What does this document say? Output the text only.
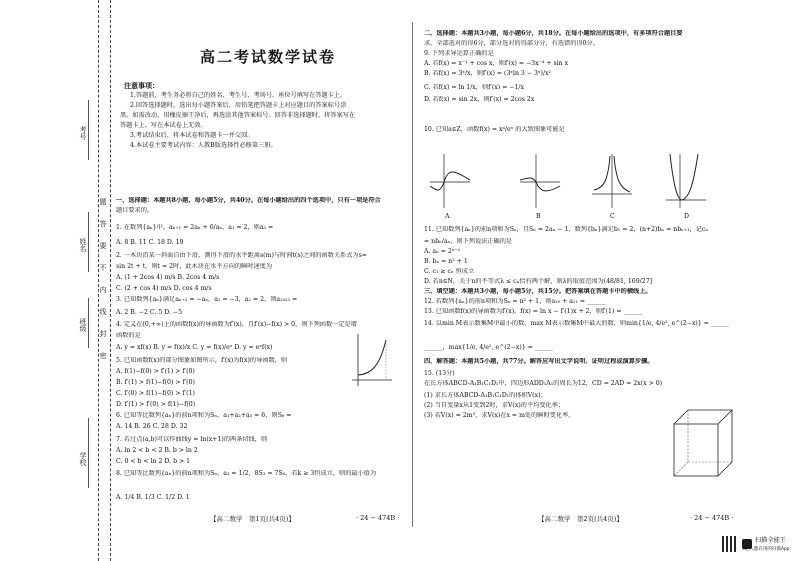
考号
姓名
班级
学校
题
答
要
不
内
线
封
密
高二考试数学试卷
注意事项：
1.答题前，考生务必将自己的姓名、考生号、考场号、座位号填写在答题卡上。
2.回答选择题时，选出每小题答案后，用铅笔把答题卡上对应题目的答案标号涂
黑。如需改动，用橡皮擦干净后，再选涂其他答案标号。回答非选择题时，将答案写在
答题卡上。写在本试卷上无效。
3.考试结束后，将本试卷和答题卡一并交回。
4.本试卷主要考试内容：人教B版选择性必修第三册。
一、选择题：本题共8小题，每小题5分，共40分。在每小题给出的四个选项中，只有一项是符合
题目要求的。
1. 在数列{aₙ}中，aₙ₊₁ = 2aₙ + 6/aₙ，a₁ = 2，则a₃ =
A. 8 B. 11 C. 18 D. 19
2. 一木块沿某一斜面自由下滑，测得下滑的水平距离s(m)与时间t(s)之间的函数关系式为s=
sin 2t + t，则t = 2时，此木块在水平方向的瞬时速度为
A. (1 + 2cos 4) m/s B. 2cos 4 m/s
C. (2 + cos 4) m/s D. cos 4 m/s
3. 已知数列{aₙ}满足aₙ₊₂ = −aₙ，a₁ = −3，a₂ = 2，则a₂₀₂₃ =
A. 2 B. −2 C. 5 D. −5
4. 定义在(0,+∞)上的函数f(x)的导函数为f′(x)，且f′(x)−f(x) > 0，则下列函数一定是增
函数的是
A. y = xf(x) B. y = f(x)/x C. y = f(x)/eˣ D. y = eˣf(x)
5. 已知函数f(x)的部分图象如图所示，f′(x)为f(x)的导函数，则
A. f(1)−f(0) > f′(1) > f′(0)
B. f′(1) > f(1)−f(0) > f′(0)
C. f′(0) > f(1)−f(0) > f′(1)
D. f′(1) > f′(0) > f(1)−f(0)
6. 已知等比数列{aₙ}的前n项和为Sₙ，a₁+a₂+a₃ = 6，则S₆ =
A. 14 B. 26 C. 28 D. 32
7. 若过点(a,b)可以作曲线y = ln(x+1)的两条切线，则
A. ln 2 < b < 2 B. b > ln 2
C. 0 < b < ln 2 D. b > 1
8. 已知等比数列{aₙ}的前n项和为Sₙ，a₃ = 1/2，8S₃ = 7S₆，若k ≥ 3恒成立，则的最小值为
A. 1/4 B. 1/3 C. 1/2 D. 1
二、选择题：本题共3小题，每小题6分，共18分。在每小题给出的选项中，有多项符合题目要
求。全部选对的得6分，部分选对的得部分分，有选错的得0分。
9. 下列求导运算正确的是
A. 若f(x) = x⁻¹ + cos x，则f′(x) = −3x⁻⁴ + sin x
B. 若f(x) = 3ˣ/x，则f′(x) = (3ˣln 3 − 3ˣ)/x²
C. 若f(x) = ln 1/x，则f′(x) = −1/x
D. 若f(x) = sin 2x，则f′(x) = 2cos 2x
10. 已知a∈Z，函数f(x) = xᵃ/eˣ 的大致图象可能是
11. 已知数列{aₙ}的前n项和为Sₙ，且Sₙ = 2aₙ − 1，数列{bₙ}满足b₁ = 2，(n+2)bₙ = nbₙ₊₁，记cₙ
= nbₙ/aₙ，则下列说法正确的是
A. aₙ = 2ⁿ⁻¹
B. bₙ = n² + 1
C. c₁ ≥ cₙ 恒成立
D. 若n∈N，关于n的不等式λ ≤ cₙ恰有两个解，则λ的取值范围为(48/81, 169/27]
三、填空题：本题共3小题，每小题5分，共15分。把答案填在答题卡中的横线上。
12. 若数列{aₙ}的前n项和为Sₙ = n² + 1，则a₁₀ + a₁₁ = ______
13. 已知函数f(x)的导函数为f′(x)，f(x) = ln x − f′(1)x + 2，则f′(1) = ______
14. 以min M表示数集M中最小的数，max M表示数集M中最大的数，则min{1/e, 4/e², e^(2−x)} = ______
______，max{1/e, 4/e², e^(2−x)} = ______
四、解答题：本题共5小题，共77分。解答应写出文字说明、证明过程或演算步骤。
15. (13分)
在长方体ABCD-A₁B₁C₁D₁中，四边形ADD₁A₁的周长为12，CD = 2AD = 2x(x > 0)
(1) 求长方体ABCD-A₁B₁C₁D₁的体积V(x)；
(2) 当自变量x从1变到2时，求V(x)的平均变化率；
(3) 若V(x) = 2m³，求V(x)在x = m处的瞬时变化率。
A	B	C	D
【高二数学　第1页(共4页)】	· 24 − 474B ·	【高二数学　第2页(共4页)】	· 24 − 474B ·
扫描全能王
3亿人都在用的扫描App
